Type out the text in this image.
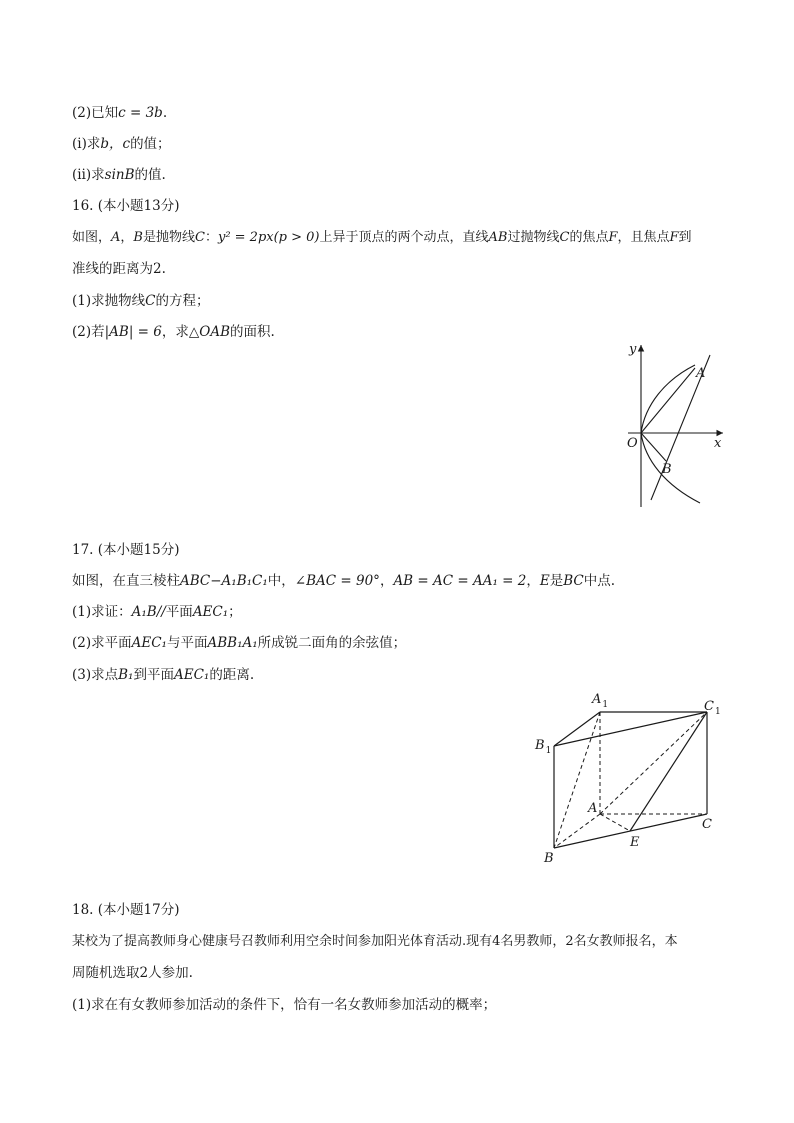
(2)已知c = 3b.
(ⅰ)求b，c的值；
(ⅱ)求sinB的值.
16. (本小题13分)
如图，A，B是抛物线C：y² = 2px(p > 0)上异于顶点的两个动点，直线AB过抛物线C的焦点F，且焦点F到
准线的距离为2.
(1)求抛物线C的方程；
(2)若|AB| = 6，求△OAB的面积.
y
x
O
A
B
17. (本小题15分)
如图，在直三棱柱ABC−A₁B₁C₁中，∠BAC = 90°，AB = AC = AA₁ = 2，E是BC中点.
(1)求证：A₁B//平面AEC₁；
(2)求平面AEC₁与平面ABB₁A₁所成锐二面角的余弦值；
(3)求点B₁到平面AEC₁的距离.
$A_1$	$C_1$
$B_1$
A
C
E
B
18. (本小题17分)
某校为了提高教师身心健康号召教师利用空余时间参加阳光体育活动.现有4名男教师，2名女教师报名，本
周随机选取2人参加.
(1)求在有女教师参加活动的条件下，恰有一名女教师参加活动的概率；
